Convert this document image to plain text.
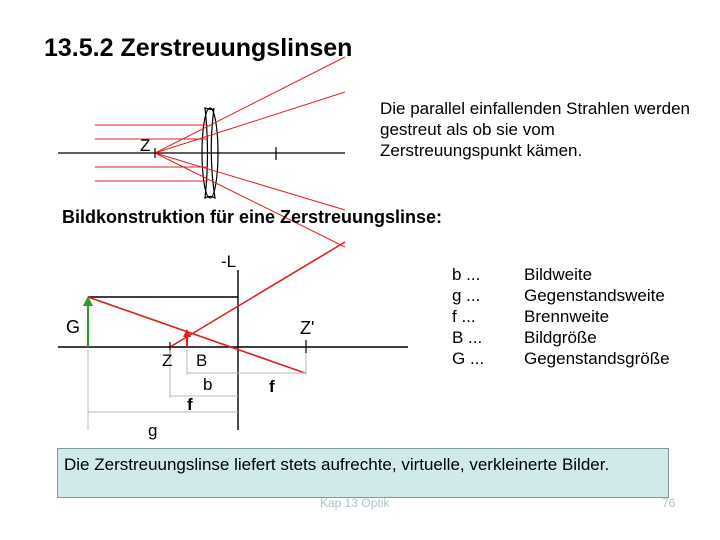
13.5.2 Zerstreuungslinsen
Z
Die parallel einfallenden Strahlen werden gestreut als ob sie vom Zerstreuungspunkt kämen.
Bildkonstruktion für eine Zerstreuungslinse:
-L
G	Z'
Z B
b
f
f
g
b ...	Bildweite
g ...	Gegenstandsweite
f ...	Brennweite
B ...	Bildgröße
G ...	Gegenstandsgröße
Die Zerstreuungslinse liefert stets aufrechte, virtuelle, verkleinerte Bilder.
Kap 13 Optik	76
